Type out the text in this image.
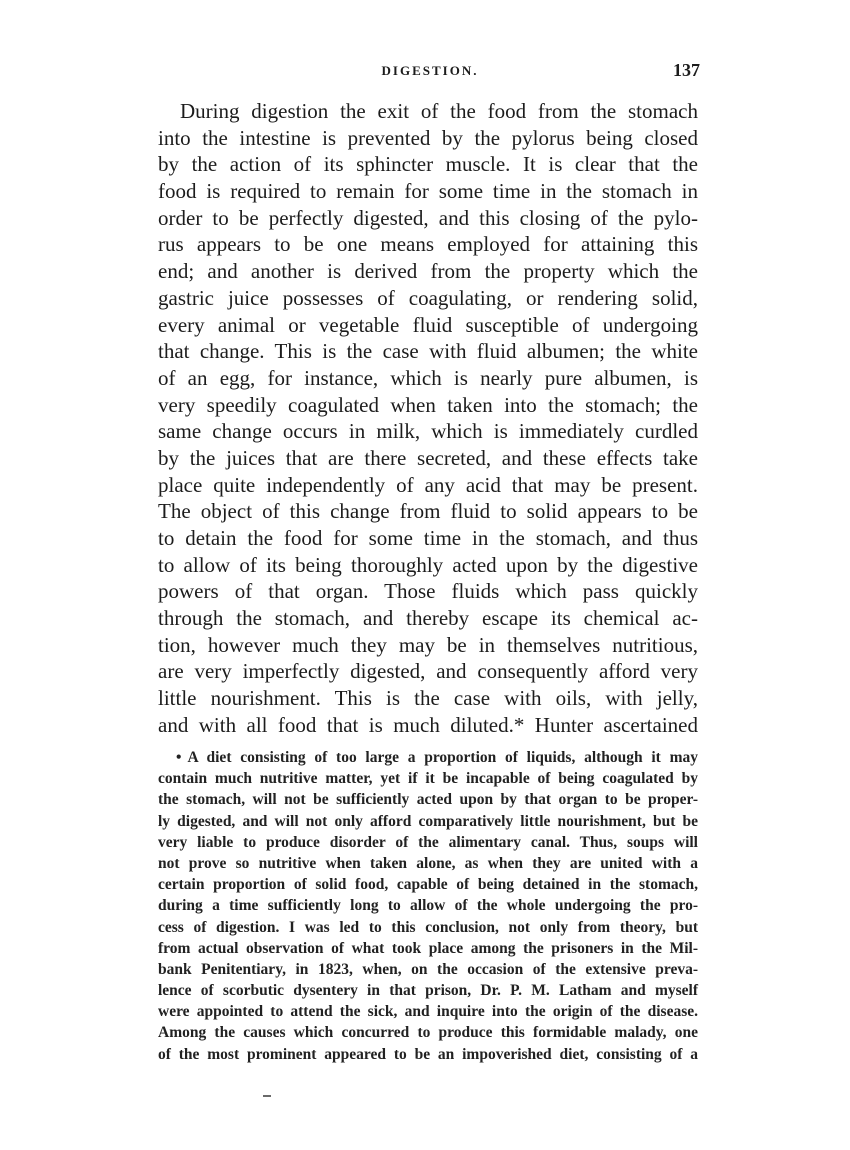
DIGESTION.	137
During digestion the exit of the food from the stomach
into the intestine is prevented by the pylorus being closed
by the action of its sphincter muscle. It is clear that the
food is required to remain for some time in the stomach in
order to be perfectly digested, and this closing of the pylo-
rus appears to be one means employed for attaining this
end; and another is derived from the property which the
gastric juice possesses of coagulating, or rendering solid,
every animal or vegetable fluid susceptible of undergoing
that change. This is the case with fluid albumen; the white
of an egg, for instance, which is nearly pure albumen, is
very speedily coagulated when taken into the stomach; the
same change occurs in milk, which is immediately curdled
by the juices that are there secreted, and these effects take
place quite independently of any acid that may be present.
The object of this change from fluid to solid appears to be
to detain the food for some time in the stomach, and thus
to allow of its being thoroughly acted upon by the digestive
powers of that organ. Those fluids which pass quickly
through the stomach, and thereby escape its chemical ac-
tion, however much they may be in themselves nutritious,
are very imperfectly digested, and consequently afford very
little nourishment. This is the case with oils, with jelly,
and with all food that is much diluted.* Hunter ascertained
• A diet consisting of too large a proportion of liquids, although it may
contain much nutritive matter, yet if it be incapable of being coagulated by
the stomach, will not be sufficiently acted upon by that organ to be proper-
ly digested, and will not only afford comparatively little nourishment, but be
very liable to produce disorder of the alimentary canal. Thus, soups will
not prove so nutritive when taken alone, as when they are united with a
certain proportion of solid food, capable of being detained in the stomach,
during a time sufficiently long to allow of the whole undergoing the pro-
cess of digestion. I was led to this conclusion, not only from theory, but
from actual observation of what took place among the prisoners in the Mil-
bank Penitentiary, in 1823, when, on the occasion of the extensive preva-
lence of scorbutic dysentery in that prison, Dr. P. M. Latham and myself
were appointed to attend the sick, and inquire into the origin of the disease.
Among the causes which concurred to produce this formidable malady, one
of the most prominent appeared to be an impoverished diet, consisting of a
